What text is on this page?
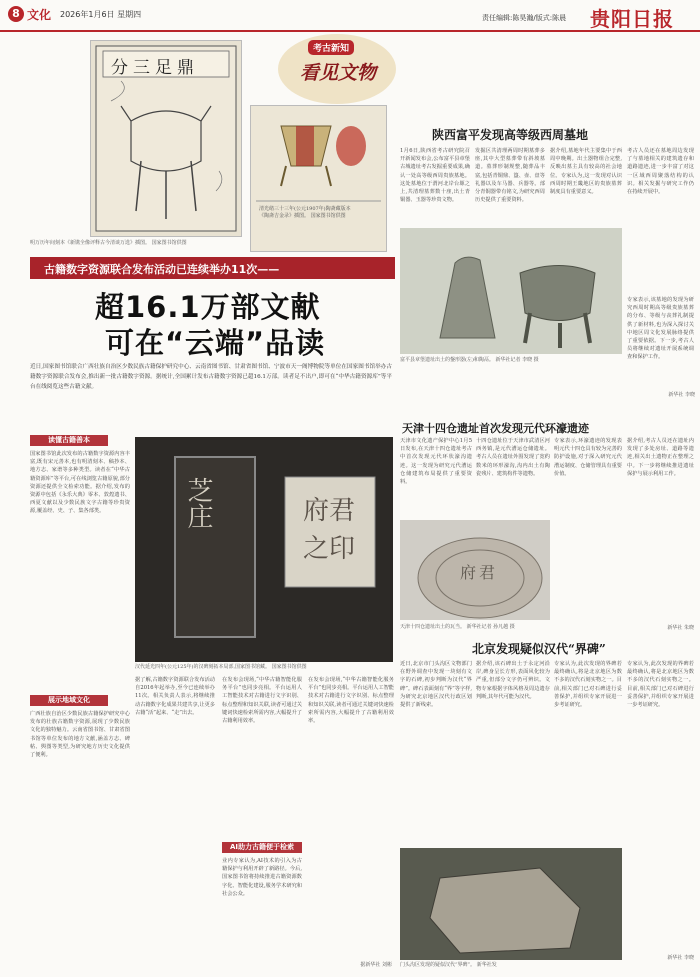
8 文化 2026年1月6日 星期四	责任编辑:陈昊瀚/版式:陈晨 贵阳日报
分三足鼎
明万历年间刻本《新镌全像评释古今清谈万选》插图。 国家图书馆供图
清光绪三十三年(公元1907年)陶斋藏版本《陶斋吉金录》插图。 国家图书馆供图
考古新知
看见文物
陕西富平发现高等级西周墓地
1月6日,陕西省考古研究院召开新闻发布会,公布富平县章堡古城遗址考古发掘重要成果,确认一处高等级西周贵族墓地。这处墓地位于渭河北岸台塬之上,共清理墓葬数十座,出土青铜器、玉器等珍贵文物。
发掘区共清理两周时期墓葬多座,其中大型墓葬带有斜坡墓道。墓葬形制规整,随葬品丰富,包括青铜鼎、簋、壶、盘等礼器以及车马器、兵器等。部分青铜器带有铭文,为研究西周历史提供了重要资料。
据介绍,墓地年代主要集中于西周中晚期。出土器物组合完整,反映出墓主具有较高的社会地位。专家认为,这一发现对认识西周时期王畿地区的贵族墓葬制度具有重要意义。
考古人员还在墓地周边发现了与墓地相关的建筑遗存和道路遗迹,进一步丰富了对这一区域西周聚落结构的认识。相关发掘与研究工作仍在持续开展中。
专家表示,该墓地的发现为研究西周时期高等级贵族墓葬的分布、等级与丧葬礼制提供了新材料,也为深入探讨关中地区周文化发展脉络提供了重要依据。下一步,考古人员将继续对遗址开展系统调查和保护工作。
新华社 李晓
富平县章堡遗址出土的鋬形器(左)和陶鬲。 新华社记者 李晓 摄
古籍数字资源联合发布活动已连续举办11次——
超16.1万部文献
可在“云端”品读
近日,国家图书馆联合广西壮族自治区少数民族古籍保护研究中心、云南省图书馆、甘肃省图书馆、宁波市天一阁博物院等单位在国家图书馆举办古籍数字资源联合发布会,推出新一批古籍数字资源。据统计,全国累计发布古籍数字资源已超16.1万部。读者足不出户,即可在“中华古籍资源库”等平台在线阅览这些古籍文献。
读懂古籍善本
国家图书馆此次发布的古籍数字资源内容丰富,既有宋元善本,也有明清刻本、稿抄本、地方志、家谱等多种类型。读者在“中华古籍资源库”等平台,可在线浏览古籍原貌,部分资源还提供全文检索功能。据介绍,发布的资源中包括《永乐大典》零本、敦煌遗书、西夏文献以及少数民族文字古籍等珍贵资源,覆盖经、史、子、集各部类。
展示地域文化
广西壮族自治区少数民族古籍保护研究中心发布的壮族古籍数字资源,展现了少数民族文化的独特魅力。云南省图书馆、甘肃省图书馆等单位发布的地方文献,涵盖方志、碑帖、舆图等类型,为研究地方历史文化提供了便利。
芝庄	府君之印
汉代延光四年(公元125年)的汉碑刻拓本局部,国家图书馆藏。 国家图书馆供图
据了解,古籍数字资源联合发布活动自2016年起举办,至今已连续举办11次。相关负责人表示,将继续推动古籍数字化成果共建共享,让更多古籍“活”起来、“走”出去。
在发布会现场,“中华古籍智能化服务平台”也同步亮相。平台运用人工智能技术对古籍进行文字识别、标点整理和知识关联,读者可通过关键词快速检索所需内容,大幅提升了古籍利用效率。
AI助力古籍便于检索
业内专家认为,AI技术的引入为古籍保护与利用开辟了新路径。今后,国家图书馆将持续推进古籍资源数字化、智能化建设,服务学术研究和社会公众。
在发布会现场,“中华古籍智能化服务平台”也同步亮相。平台运用人工智能技术对古籍进行文字识别、标点整理和知识关联,读者可通过关键词快速检索所需内容,大幅提升了古籍利用效率。
据新华社 刘彬
天津十四仓遗址首次发现元代环濠遗迹
天津市文化遗产保护中心1月5日发布,在天津十四仓遗址考古中首次发现元代环状濠沟遗迹。这一发现为研究元代漕运仓储建筑布局提供了重要资料。
十四仓遗址位于天津市武清区河西务镇,是元代漕运仓储遗址。考古人员在遗址外围发现了宽约数米的环形濠沟,沟内出土有陶瓷残片、建筑构件等遗物。
专家表示,环濠遗迹的发现表明元代十四仓具有较为完善的防护设施,对于深入研究元代漕运制度、仓储管理具有重要价值。
据介绍,考古人员还在遗址内发现了多处房址、道路等遗迹,相关出土遗物正在整理之中。下一步将继续推进遗址保护与展示利用工作。
新华社 朱晓
府君
天津十四仓遗址出土的瓦当。 新华社记者 孙凡越 摄
北京发现疑似汉代“界碑”
近日,北京市门头沟区文物部门在野外调查中发现一块刻有文字的石碑,初步判断为汉代“界碑”。碑石表面刻有“界”等字样,为研究北京地区汉代行政区划提供了新线索。
据介绍,该石碑出土于永定河沿岸,碑身呈长方形,表面风化较为严重,但部分文字仍可辨识。文物专家根据字体风格及周边遗存判断,其年代可能为汉代。
专家认为,此次发现的界碑若最终确认,将是北京地区为数不多的汉代石刻实物之一。目前,相关部门已对石碑进行妥善保护,并组织专家开展进一步考证研究。
专家认为,此次发现的界碑若最终确认,将是北京地区为数不多的汉代石刻实物之一。目前,相关部门已对石碑进行妥善保护,并组织专家开展进一步考证研究。
新华社 李晓
门头沟区发现的疑似汉代“界碑”。 新华社发
